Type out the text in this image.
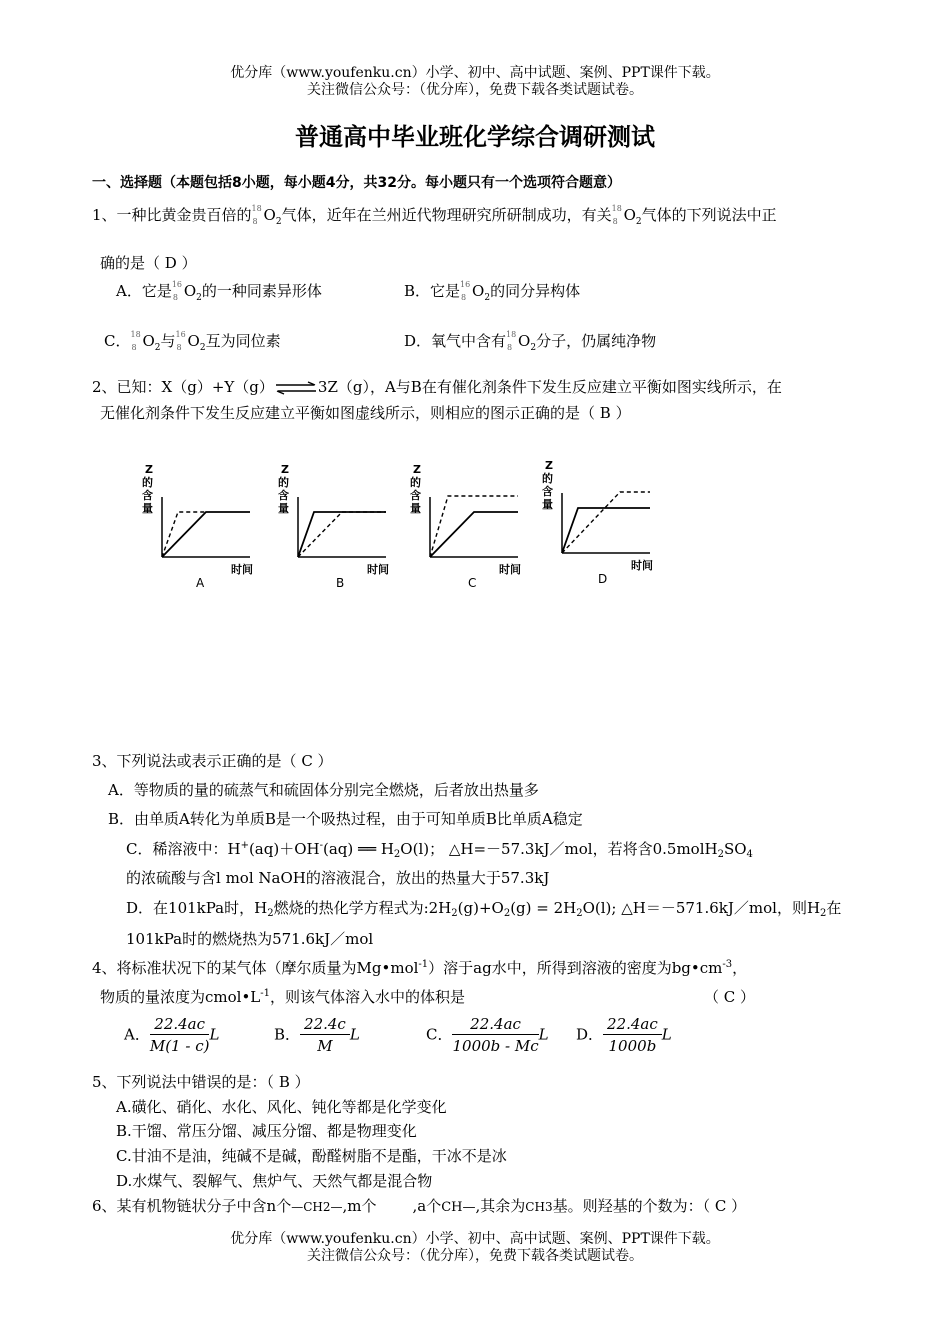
优分库（www.youfenku.cn）小学、初中、高中试题、案例、PPT课件下载。
关注微信公众号：（优分库），免费下载各类试题试卷。
普通高中毕业班化学综合调研测试
一、选择题（本题包括8小题，每小题4分，共32分。每小题只有一个选项符合题意）
1、一种比黄金贵百倍的 18
8 $O_2$气体，近年在兰州近代物理研究所研制成功，有关 18
8 $O_2$气体的下列说法中正
确的是（ D ）
A．它是 16
8 $O_2$的一种同素异形体	B．它是 16
8 $O_2$的同分异构体
C． 18
8 $O_2$与 16
8 $O_2$互为同位素	D．氧气中含有 18
8 $O_2$分子，仍属纯净物
2、已知：X（g）+Y（g）⇌3Z（g），A与B在有催化剂条件下发生反应建立平衡如图实线所示，在
无催化剂条件下发生反应建立平衡如图虚线所示，则相应的图示正确的是（ B ）
Z
的
含
量
时间
A
Z
的
含
量
时间
B
Z
的
含
量
时间
C
Z
的
含
量
时间
D
3、下列说法或表示正确的是（ C ）
A．等物质的量的硫蒸气和硫固体分别完全燃烧，后者放出热量多
B．由单质A转化为单质B是一个吸热过程，由于可知单质B比单质A稳定
C．稀溶液中：H+(aq)＋OH-(aq) ══ $H_2O(l)$； △H=－57.3kJ／mol，若将含$0.5molH_2SO_4$
的浓硫酸与含l mol NaOH的溶液混合，放出的热量大于57.3kJ
D．在101kPa时，$H_2$燃烧的热化学方程式为$:2H_2(g)+O_2(g) = 2H_2O(l)$; △H＝－571.6kJ／mol，则$H_2$在
101kPa时的燃烧热为571.6kJ／mol
4、将标准状况下的某气体（摩尔质量为Mg•mol$^{-1}$）溶于ag水中，所得到溶液的密度为$bg•cm^{-3}$，
物质的量浓度为$cmol•L^{-1}$，则该气体溶入水中的体积是	（ C ）
A． $\frac{22.4ac}{M(1 - c)}$ L	B． $\frac{22.4c}{M}$ L	C． $\frac{22.4ac}{1000b - Mc}$ L D． $\frac{22.4ac}{1000b}$ L
5、下列说法中错误的是：（ B ）
A.磺化、硝化、水化、风化、钝化等都是化学变化
B.干馏、常压分馏、减压分馏、都是物理变化
C.甘油不是油，纯碱不是碱，酚醛树脂不是酯，干冰不是冰
D.水煤气、裂解气、焦炉气、天然气都是混合物
6、某有机物链状分子中含n个—CH2—,m个 ,a个CH—,其余为CH3基。则羟基的个数为：（ C ）
优分库（www.youfenku.cn）小学、初中、高中试题、案例、PPT课件下载。
关注微信公众号：（优分库），免费下载各类试题试卷。
